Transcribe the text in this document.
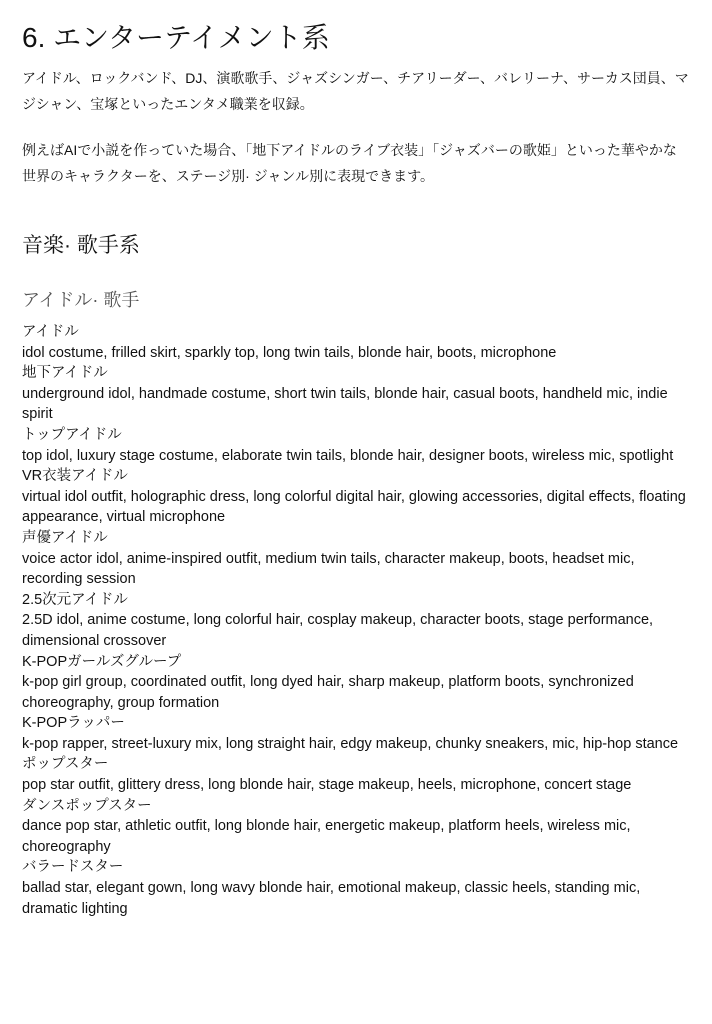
6. エンターテイメント系

アイドル、ロックバンド、DJ、演歌歌手、ジャズシンガー、チアリーダー、バレリーナ、サーカス団員、マジシャン、宝塚といったエンタメ職業を収録。

例えばAIで小説を作っていた場合、「地下アイドルのライブ衣装」「ジャズバーの歌姫」といった華やかな世界のキャラクターを、ステージ別· ジャンル別に表現できます。

音楽· 歌手系
アイドル· 歌手

アイドル

idol costume, frilled skirt, sparkly top, long twin tails, blonde hair, boots, microphone

地下アイドル

underground idol, handmade costume, short twin tails, blonde hair, casual boots, handheld mic, indie spirit

トップアイドル

top idol, luxury stage costume, elaborate twin tails, blonde hair, designer boots, wireless mic, spotlight

VR衣装アイドル

virtual idol outfit, holographic dress, long colorful digital hair, glowing accessories, digital effects, floating appearance, virtual microphone

声優アイドル

voice actor idol, anime-inspired outfit, medium twin tails, character makeup, boots, headset mic, recording session

2.5次元アイドル

2.5D idol, anime costume, long colorful hair, cosplay makeup, character boots, stage performance, dimensional crossover

K-POPガールズグループ

k-pop girl group, coordinated outfit, long dyed hair, sharp makeup, platform boots, synchronized choreography, group formation

K-POPラッパー

k-pop rapper, street-luxury mix, long straight hair, edgy makeup, chunky sneakers, mic, hip-hop stance

ポップスター

pop star outfit, glittery dress, long blonde hair, stage makeup, heels, microphone, concert stage

ダンスポップスター

dance pop star, athletic outfit, long blonde hair, energetic makeup, platform heels, wireless mic, choreography

バラードスター

ballad star, elegant gown, long wavy blonde hair, emotional makeup, classic heels, standing mic, dramatic lighting
